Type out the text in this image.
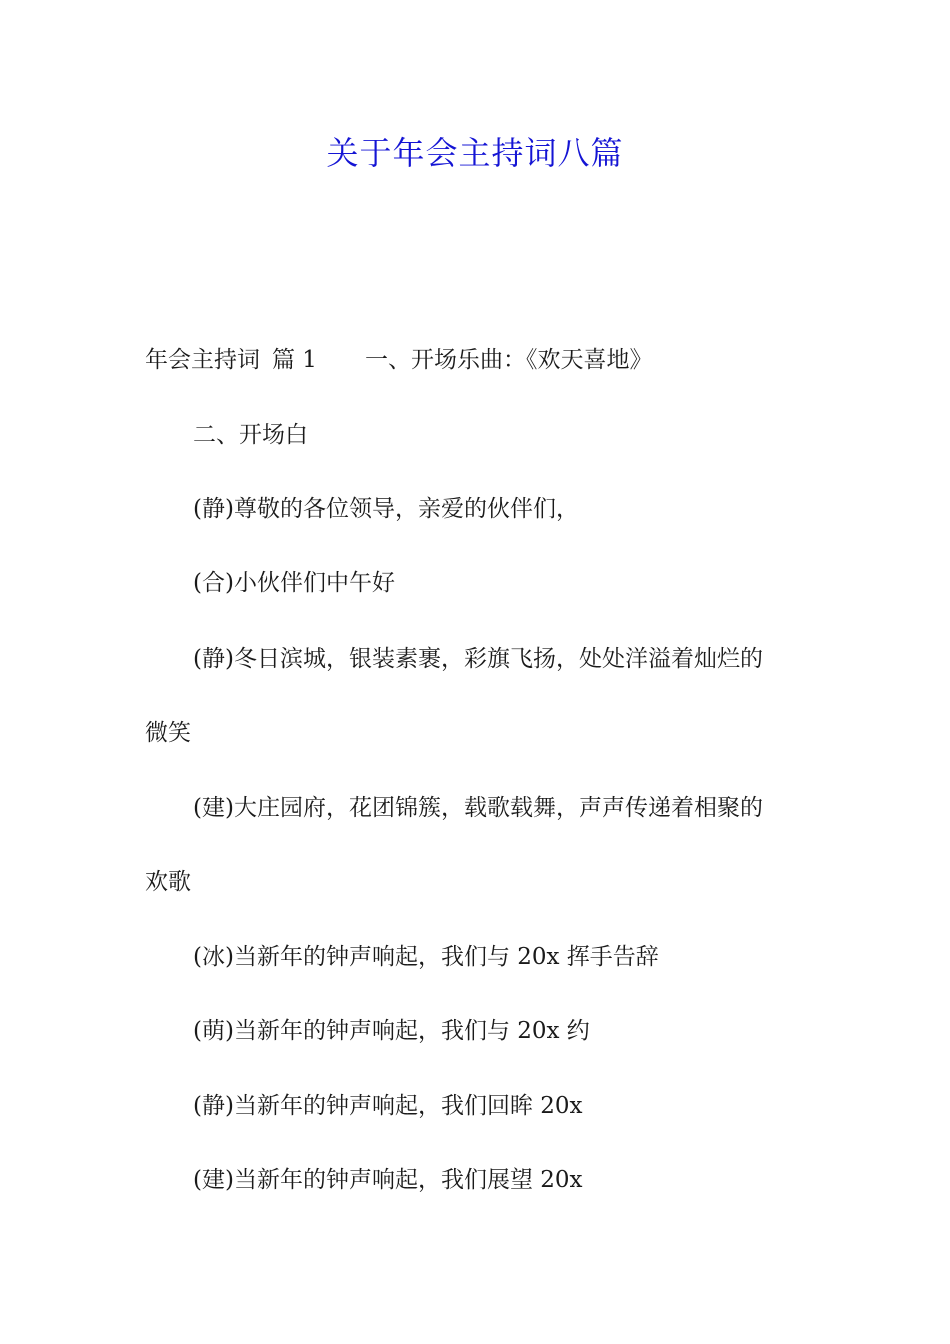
关于年会主持词八篇
年会主持词 篇 1 一、开场乐曲：《欢天喜地》

二、开场白

(静)尊敬的各位领导，亲爱的伙伴们，

(合)小伙伴们中午好

(静)冬日滨城，银装素裹，彩旗飞扬，处处洋溢着灿烂的

微笑

(建)大庄园府，花团锦簇，载歌载舞，声声传递着相聚的

欢歌

(冰)当新年的钟声响起，我们与 20x 挥手告辞

(萌)当新年的钟声响起，我们与 20x 约

(静)当新年的钟声响起，我们回眸 20x

(建)当新年的钟声响起，我们展望 20x
